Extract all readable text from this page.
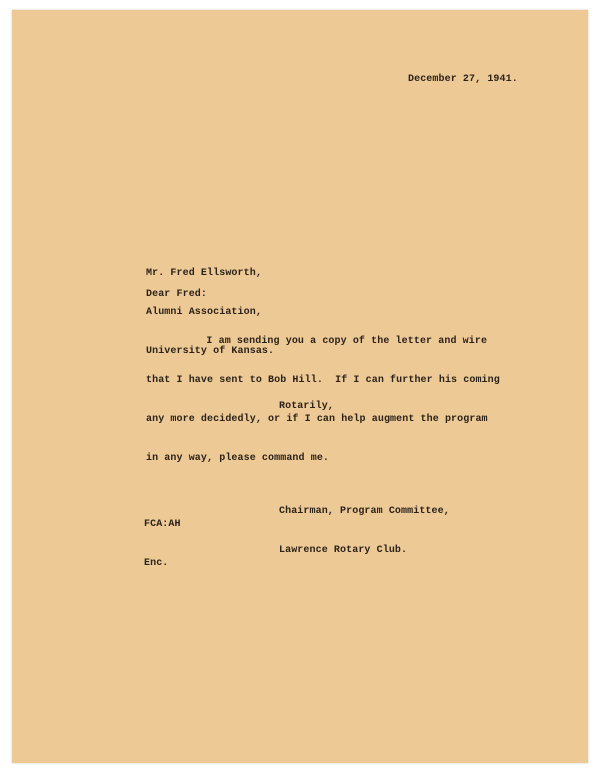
December 27, 1941.

Mr. Fred Ellsworth,

Alumni Association,

University of Kansas.

Dear Fred:

I am sending you a copy of the letter and wire

that I have sent to Bob Hill.  If I can further his coming

any more decidedly, or if I can help augment the program

in any way, please command me.

Rotarily,

Chairman, Program Committee,

Lawrence Rotary Club.

FCA:AH

Enc.
